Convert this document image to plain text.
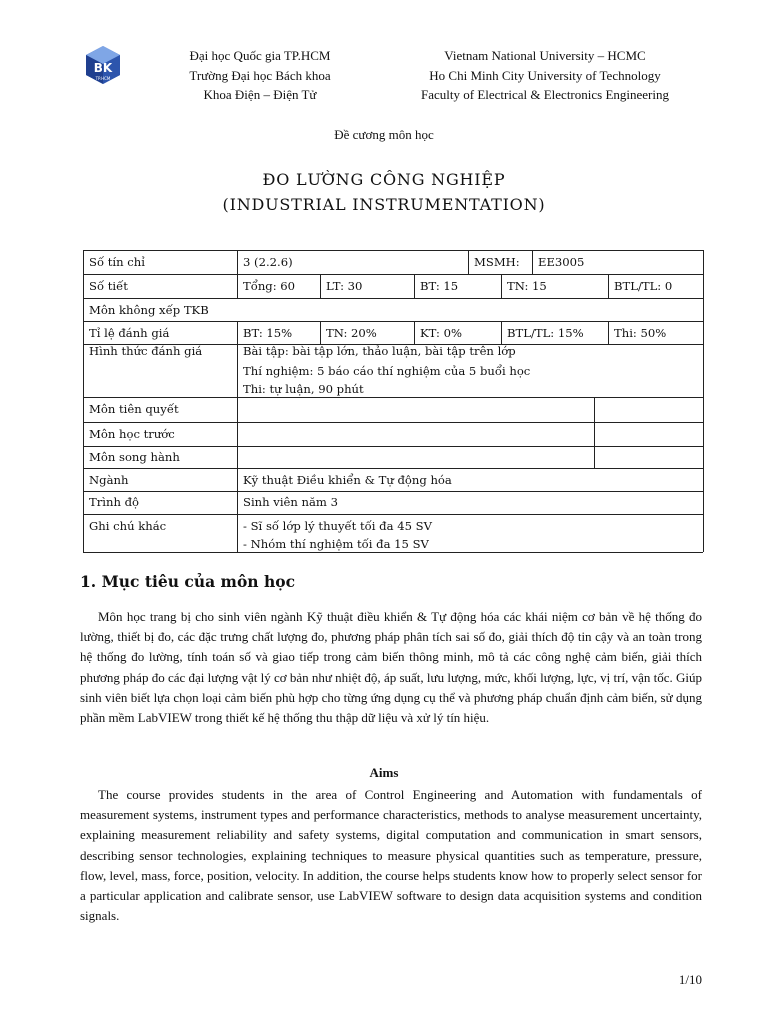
BK
TP.HCM
Đại học Quốc gia TP.HCM
Trường Đại học Bách khoa
Khoa Điện – Điện Tử
Vietnam National University – HCMC
Ho Chi Minh City University of Technology
Faculty of Electrical & Electronics Engineering
Đề cương môn học
ĐO LƯỜNG CÔNG NGHIỆP
(INDUSTRIAL INSTRUMENTATION)
Số tín chỉ	3 (2.2.6)	MSMH:	EE3005
Số tiết	Tổng: 60	LT: 30	BT: 15	TN: 15	BTL/TL: 0
Môn không xếp TKB
Tỉ lệ đánh giá	BT: 15%	TN: 20%	KT: 0%	BTL/TL: 15%	Thi: 50%
Hình thức đánh giá	Bài tập: bài tập lớn, thảo luận, bài tập trên lớp
Thí nghiệm: 5 báo cáo thí nghiệm của 5 buổi học
Thi: tự luận, 90 phút
Môn tiên quyết
Môn học trước
Môn song hành
Ngành	Kỹ thuật Điều khiển & Tự động hóa
Trình độ	Sinh viên năm 3
Ghi chú khác	- Sĩ số lớp lý thuyết tối đa 45 SV
- Nhóm thí nghiệm tối đa 15 SV
1. Mục tiêu của môn học

Môn học trang bị cho sinh viên ngành Kỹ thuật điều khiển & Tự động hóa các khái niệm cơ bản về hệ thống đo lường, thiết bị đo, các đặc trưng chất lượng đo, phương pháp phân tích sai số đo, giải thích độ tin cậy và an toàn trong hệ thống đo lường, tính toán số và giao tiếp trong cảm biến thông minh, mô tả các công nghệ cảm biến, giải thích phương pháp đo các đại lượng vật lý cơ bản như nhiệt độ, áp suất, lưu lượng, mức, khối lượng, lực, vị trí, vận tốc. Giúp sinh viên biết lựa chọn loại cảm biến phù hợp cho từng ứng dụng cụ thể và phương pháp chuẩn định cảm biến, sử dụng phần mềm LabVIEW trong thiết kế hệ thống thu thập dữ liệu và xử lý tín hiệu.

Aims

The course provides students in the area of Control Engineering and Automation with fundamentals of measurement systems, instrument types and performance characteristics, methods to analyse measurement uncertainty, explaining measurement reliability and safety systems, digital computation and communication in smart sensors, describing sensor technologies, explaining techniques to measure physical quantities such as temperature, pressure, flow, level, mass, force, position, velocity. In addition, the course helps students know how to properly select sensor for a particular application and calibrate sensor, use LabVIEW software to design data acquisition systems and condition signals.

1/10
